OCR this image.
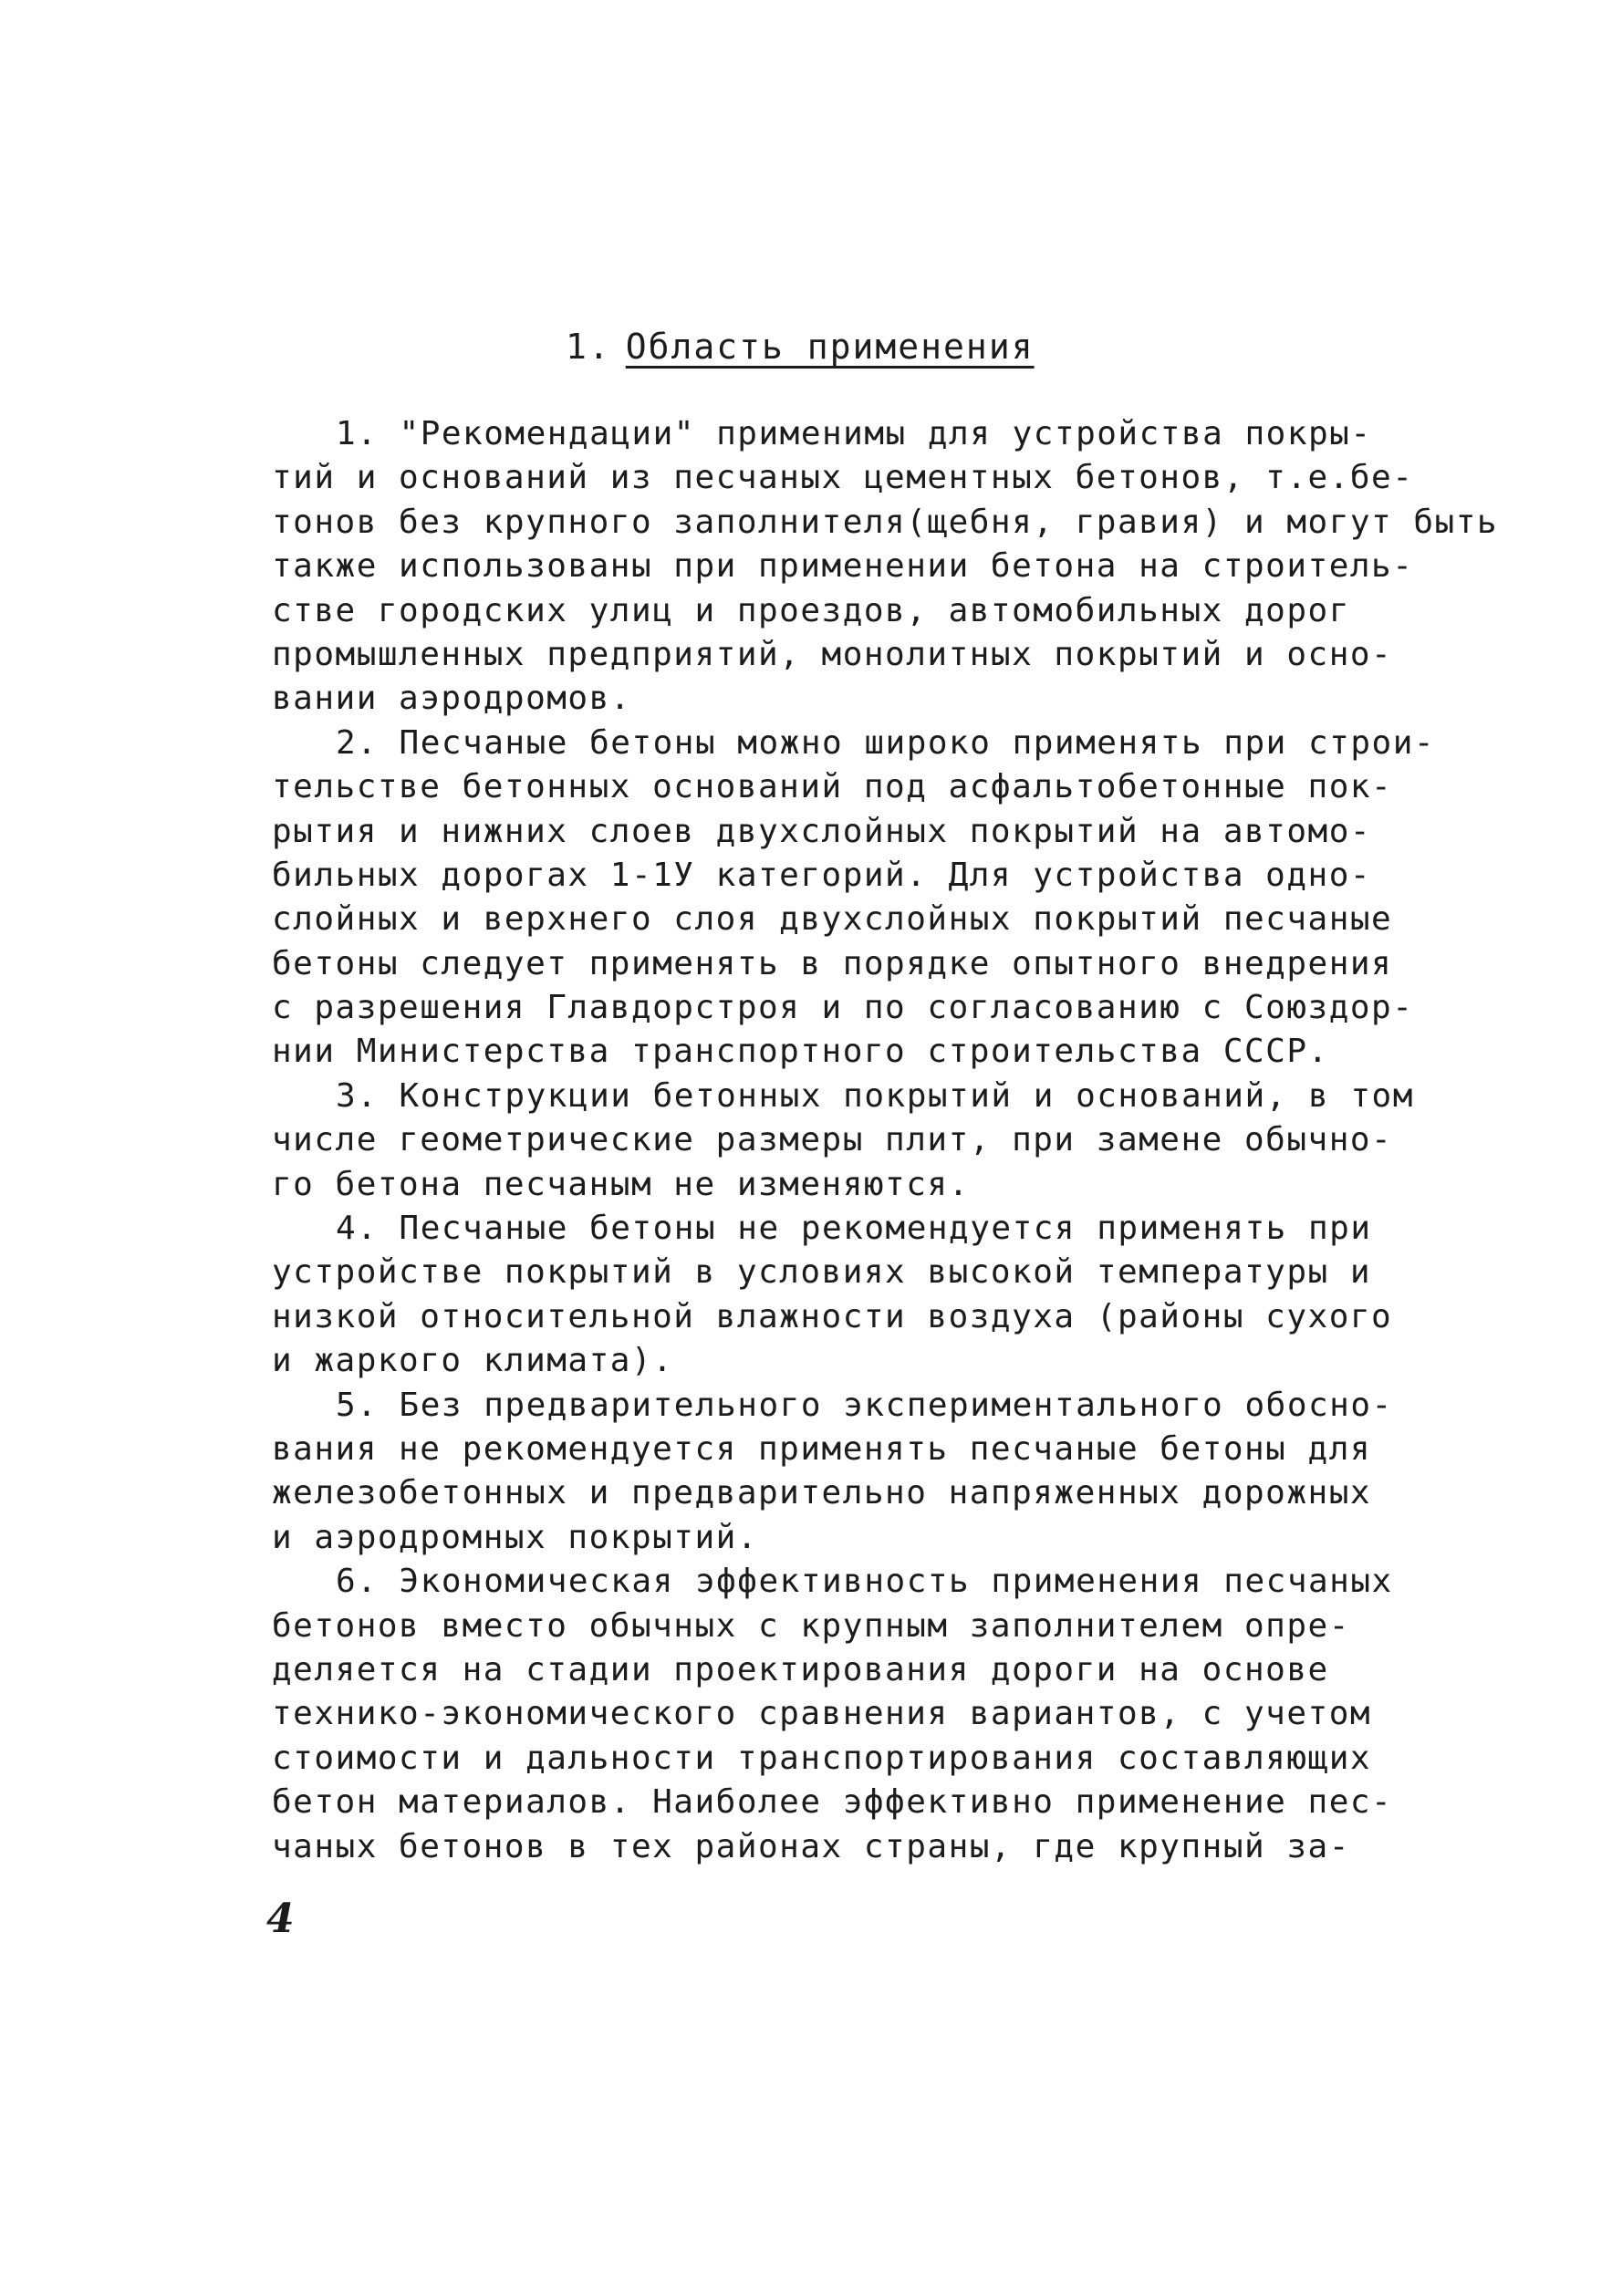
1. Область применения
1. "Рекомендации" применимы для устройства покры-
тий и оснований из песчаных цементных бетонов, т.е.бе-
тонов без крупного заполнителя(щебня, гравия) и могут быть
также использованы при применении бетона на строитель-
стве городских улиц и проездов, автомобильных дорог
промышленных предприятий, монолитных покрытий и осно-
вании аэродромов.
2. Песчаные бетоны можно широко применять при строи-
тельстве бетонных оснований под асфальтобетонные пок-
рытия и нижних слоев двухслойных покрытий на автомо-
бильных дорогах 1-1У категорий. Для устройства одно-
слойных и верхнего слоя двухслойных покрытий песчаные
бетоны следует применять в порядке опытного внедрения
с разрешения Главдорстроя и по согласованию с Союздор-
нии Министерства транспортного строительства СССР.
3. Конструкции бетонных покрытий и оснований, в том
числе геометрические размеры плит, при замене обычно-
го бетона песчаным не изменяются.
4. Песчаные бетоны не рекомендуется применять при
устройстве покрытий в условиях высокой температуры и
низкой относительной влажности воздуха (районы сухого
и жаркого климата).
5. Без предварительного экспериментального обосно-
вания не рекомендуется применять песчаные бетоны для
железобетонных и предварительно напряженных дорожных
и аэродромных покрытий.
6. Экономическая эффективность применения песчаных
бетонов вместо обычных с крупным заполнителем опре-
деляется на стадии проектирования дороги на основе
технико-экономического сравнения вариантов, с учетом
стоимости и дальности транспортирования составляющих
бетон материалов. Наиболее эффективно применение пес-
чаных бетонов в тех районах страны, где крупный за-
4
